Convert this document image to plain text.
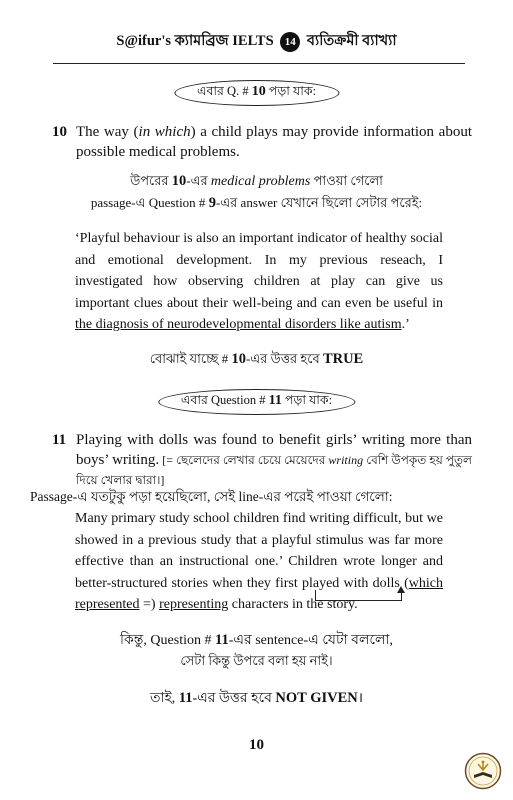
S@ifur's ক্যামব্রিজ IELTS 14 ব্যতিক্রমী ব্যাখ্যা
এবার Q. # 10 পড়া যাক:
10 The way (in which) a child plays may provide information about possible medical problems.
উপরের 10-এর medical problems পাওয়া গেলো
passage-এ Question # 9-এর answer যেখানে ছিলো সেটার পরেই:
‘Playful behaviour is also an important indicator of healthy social and emotional development. In my previous reseach, I investigated how observing children at play can give us important clues about their well-being and can even be useful in the diagnosis of neurodevelopmental disorders like autism.’
বোঝাই যাচ্ছে # 10-এর উত্তর হবে TRUE
এবার Question # 11 পড়া যাক:
11 Playing with dolls was found to benefit girls’ writing more than boys’ writing. [= ছেলেদের লেখার চেয়ে মেয়েদের writing বেশি উপকৃত হয় পুতুল দিয়ে খেলার দ্বারা।]
Passage-এ যতটুকু পড়া হয়েছিলো, সেই line-এর পরেই পাওয়া গেলো:
Many primary study school children find writing difficult, but we showed in a previous study that a playful stimulus was far more effective than an instructional one.’ Children wrote longer and better-structured stories when they first played with dolls (which represented =) representing characters in the story.
কিন্তু, Question # 11-এর sentence-এ যেটা বললো,
সেটা কিন্তু উপরে বলা হয় নাই।
তাই, 11-এর উত্তর হবে NOT GIVEN।
10
